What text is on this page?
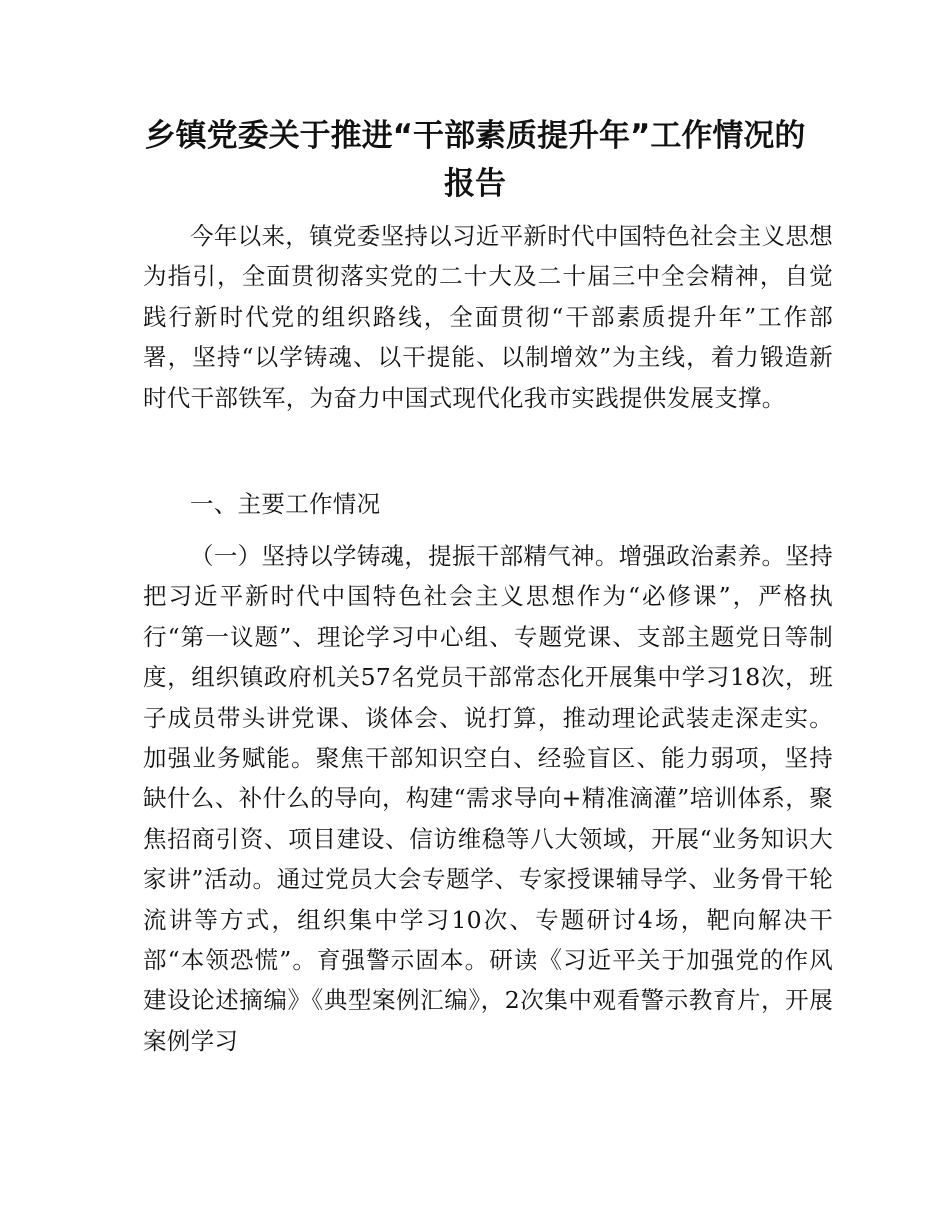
乡镇党委关于推进“干部素质提升年”工作情况的报告
今年以来，镇党委坚持以习近平新时代中国特色社会主义思想为指引，全面贯彻落实党的二十大及二十届三中全会精神，自觉践行新时代党的组织路线，全面贯彻“干部素质提升年”工作部署，坚持“以学铸魂、以干提能、以制增效”为主线，着力锻造新时代干部铁军，为奋力中国式现代化我市实践提供发展支撑。
一、主要工作情况
（一）坚持以学铸魂，提振干部精气神。增强政治素养。坚持把习近平新时代中国特色社会主义思想作为“必修课”，严格执行“第一议题”、理论学习中心组、专题党课、支部主题党日等制度，组织镇政府机关57名党员干部常态化开展集中学习18次，班子成员带头讲党课、谈体会、说打算，推动理论武装走深走实。加强业务赋能。聚焦干部知识空白、经验盲区、能力弱项，坚持缺什么、补什么的导向，构建“需求导向+精准滴灌”培训体系，聚焦招商引资、项目建设、信访维稳等八大领域，开展“业务知识大家讲”活动。通过党员大会专题学、专家授课辅导学、业务骨干轮流讲等方式，组织集中学习10次、专题研讨4场，靶向解决干部“本领恐慌”。育强警示固本。研读《习近平关于加强党的作风建设论述摘编》《典型案例汇编》，2次集中观看警示教育片，开展案例学习
